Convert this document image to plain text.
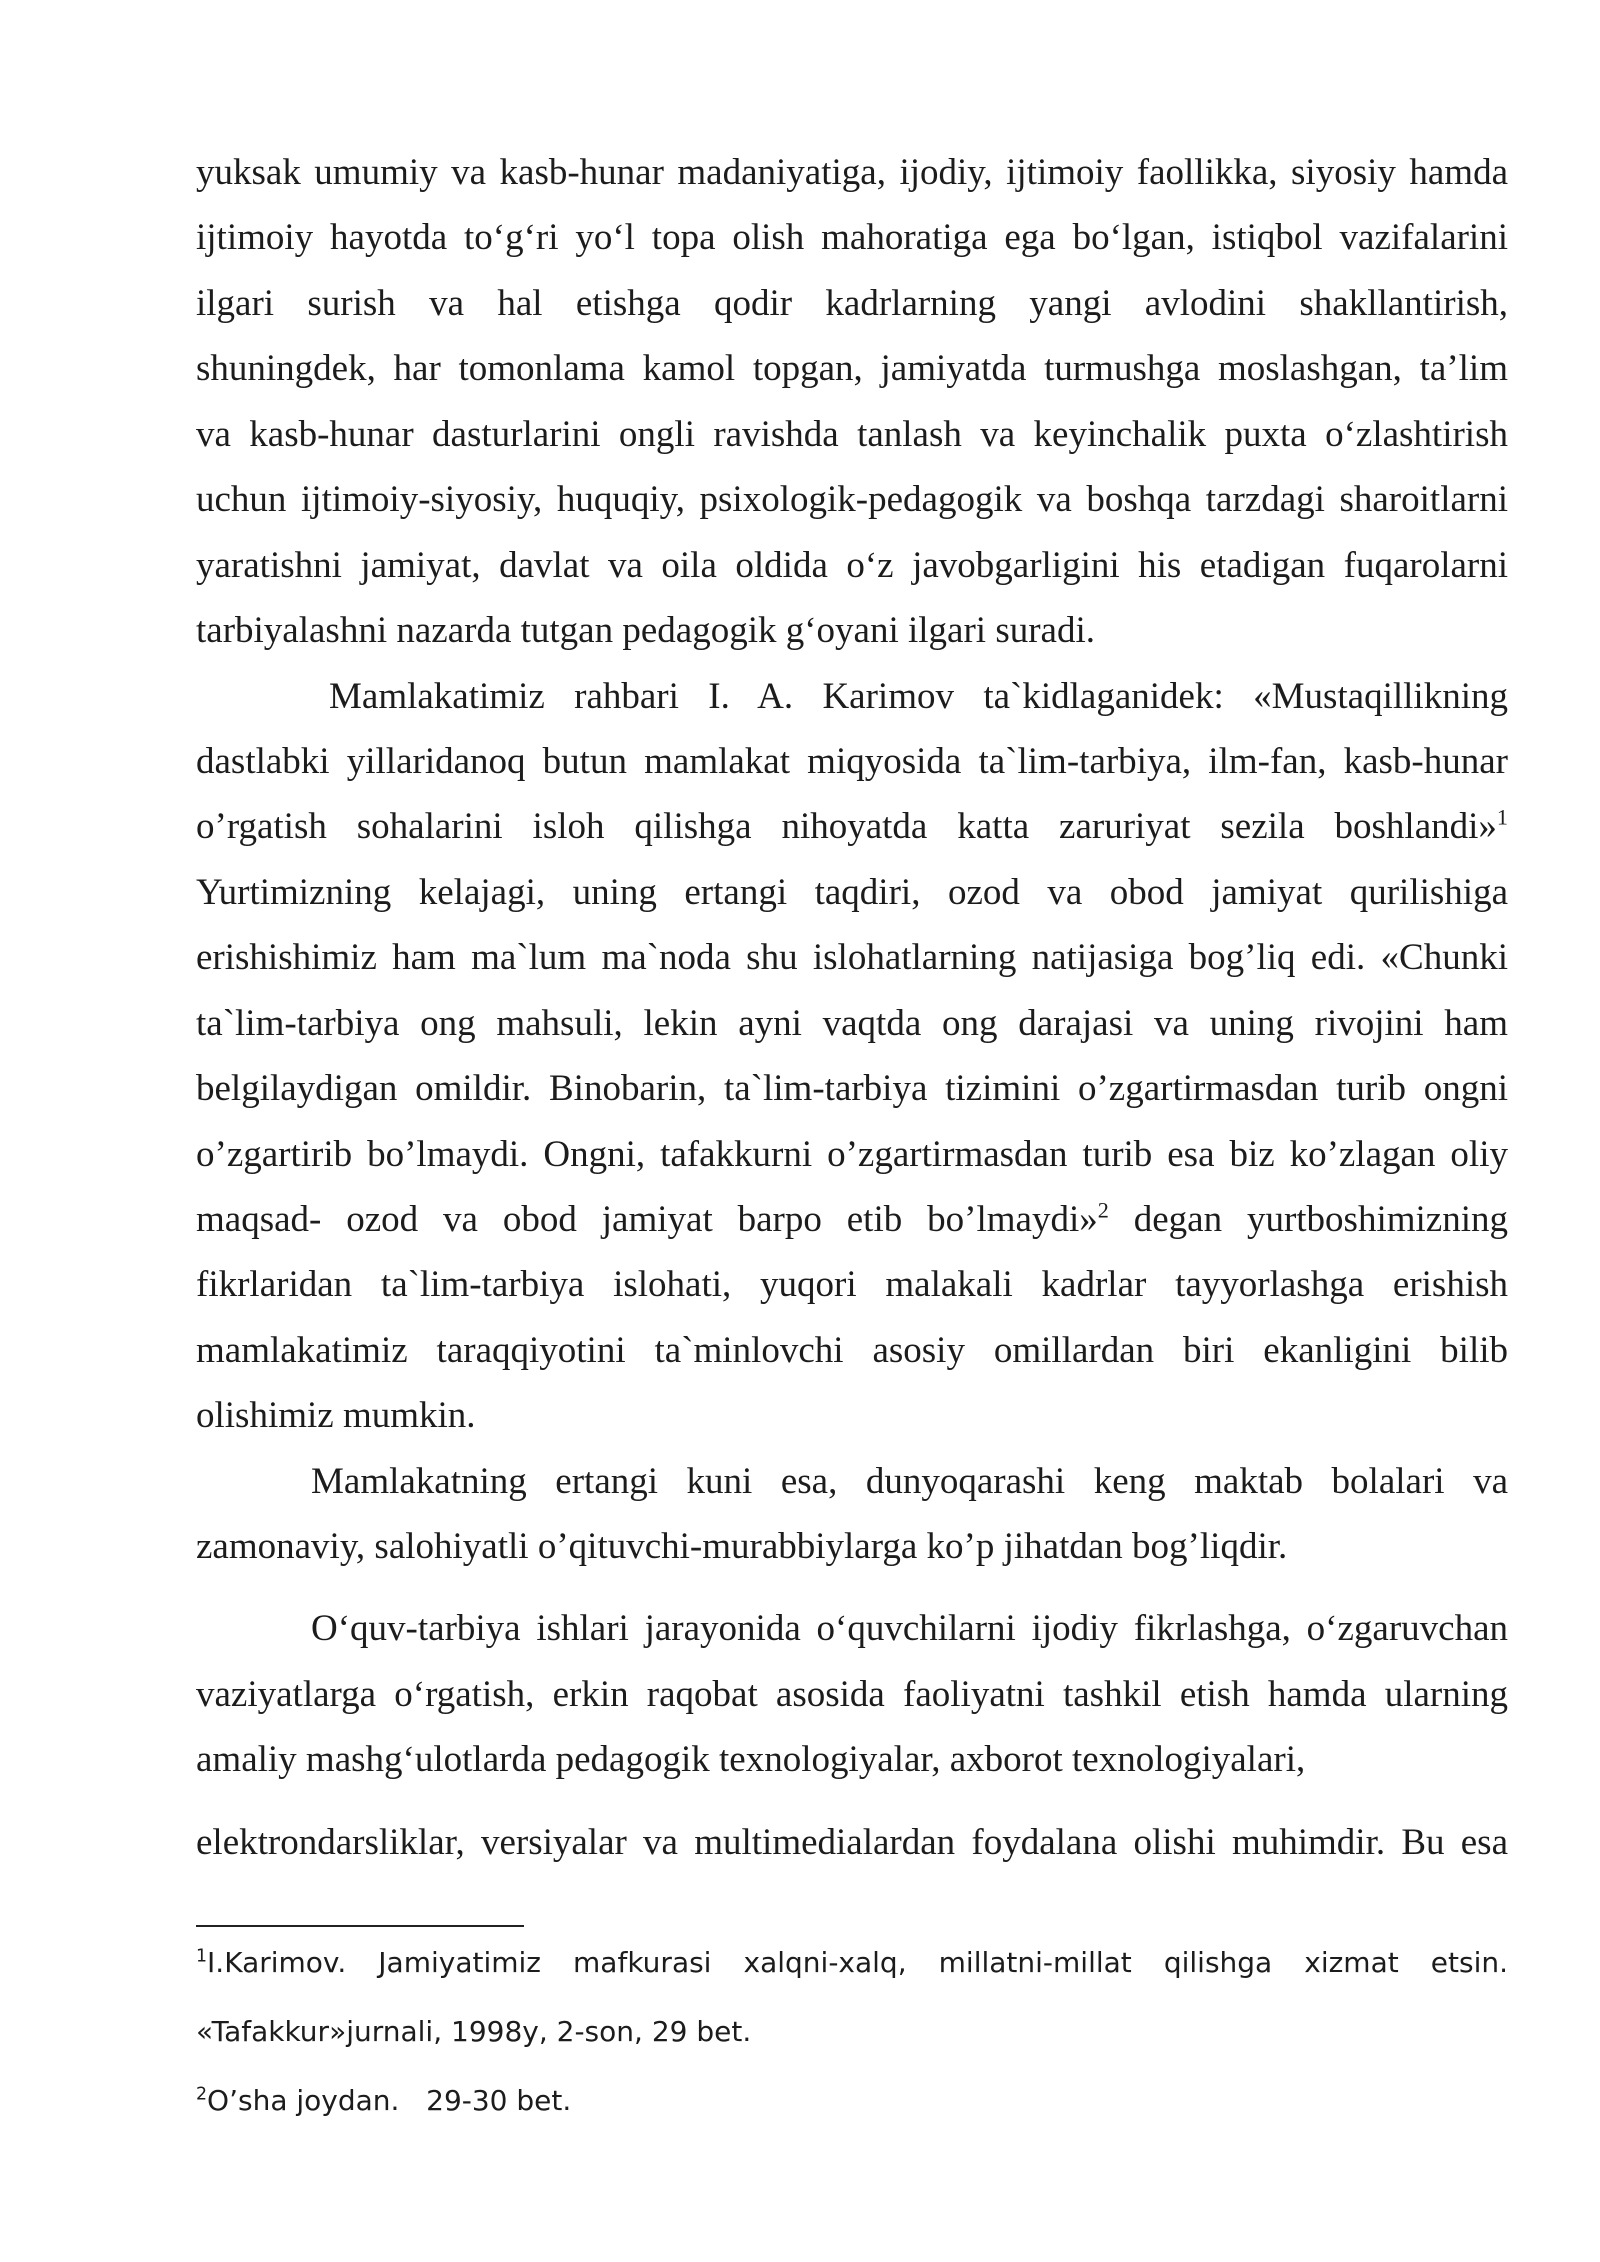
yuksak umumiy va kasb-hunar madaniyatiga, ijodiy, ijtimoiy faollikka, siyosiy hamda
ijtimoiy hayotda to‘g‘ri yo‘l topa olish mahoratiga ega bo‘lgan, istiqbol vazifalarini
ilgari surish va hal etishga qodir kadrlarning yangi avlodini shakllantirish,
shuningdek, har tomonlama kamol topgan, jamiyatda turmushga moslashgan, ta’lim
va kasb-hunar dasturlarini ongli ravishda tanlash va keyinchalik puxta o‘zlashtirish
uchun ijtimoiy-siyosiy, huquqiy, psixologik-pedagogik va boshqa tarzdagi sharoitlarni
yaratishni jamiyat, davlat va oila oldida o‘z javobgarligini his etadigan fuqarolarni
tarbiyalashni nazarda tutgan pedagogik g‘oyani ilgari suradi.
Mamlakatimiz rahbari I. A. Karimov ta`kidlaganidek: «Mustaqillikning
dastlabki yillaridanoq butun mamlakat miqyosida ta`lim-tarbiya, ilm-fan, kasb-hunar
o’rgatish sohalarini isloh qilishga nihoyatda katta zaruriyat sezila boshlandi»$^1$
Yurtimizning kelajagi, uning ertangi taqdiri, ozod va obod jamiyat qurilishiga
erishishimiz ham ma`lum ma`noda shu islohatlarning natijasiga bog’liq edi. «Chunki
ta`lim-tarbiya ong mahsuli, lekin ayni vaqtda ong darajasi va uning rivojini ham
belgilaydigan omildir. Binobarin, ta`lim-tarbiya tizimini o’zgartirmasdan turib ongni
o’zgartirib bo’lmaydi. Ongni, tafakkurni o’zgartirmasdan turib esa biz ko’zlagan oliy
maqsad- ozod va obod jamiyat barpo etib bo’lmaydi»$^2$ degan yurtboshimizning
fikrlaridan ta`lim-tarbiya islohati, yuqori malakali kadrlar tayyorlashga erishish
mamlakatimiz taraqqiyotini ta`minlovchi asosiy omillardan biri ekanligini bilib
olishimiz mumkin.
Mamlakatning ertangi kuni esa, dunyoqarashi keng maktab bolalari va
zamonaviy, salohiyatli o’qituvchi-murabbiylarga ko’p jihatdan bog’liqdir.
O‘quv-tarbiya ishlari jarayonida o‘quvchilarni ijodiy fikrlashga, o‘zgaruvchan
vaziyatlarga o‘rgatish, erkin raqobat asosida faoliyatni tashkil etish hamda ularning
amaliy mashg‘ulotlarda pedagogik texnologiyalar, axborot texnologiyalari,
elektrondarsliklar, versiyalar va multimedialardan foydalana olishi muhimdir. Bu esa
$^1$I.Karimov. Jamiyatimiz mafkurasi xalqni-xalq, millatni-millat qilishga xizmat etsin.
«Tafakkur»jurnali, 1998y, 2-son, 29 bet.
$^2$O’sha joydan.   29-30 bet.
